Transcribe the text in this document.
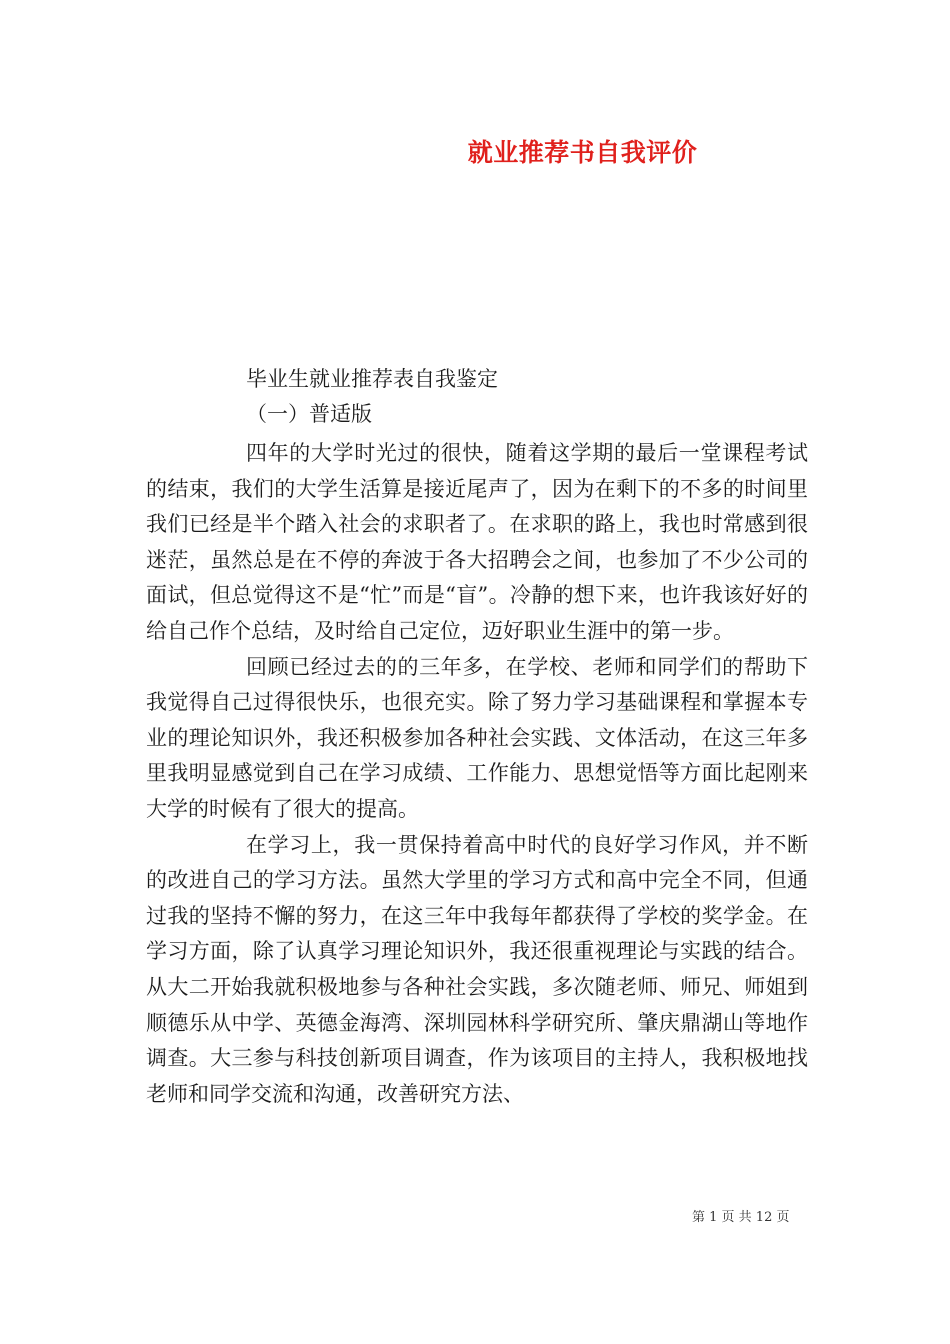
就业推荐书自我评价
毕业生就业推荐表自我鉴定
（一）普适版

四年的大学时光过的很快，随着这学期的最后一堂课程考试的结束，我们的大学生活算是接近尾声了，因为在剩下的不多的时间里我们已经是半个踏入社会的求职者了。在求职的路上，我也时常感到很迷茫，虽然总是在不停的奔波于各大招聘会之间，也参加了不少公司的面试，但总觉得这不是“忙”而是“盲”。冷静的想下来，也许我该好好的给自己作个总结，及时给自己定位，迈好职业生涯中的第一步。

回顾已经过去的的三年多，在学校、老师和同学们的帮助下我觉得自己过得很快乐，也很充实。除了努力学习基础课程和掌握本专业的理论知识外，我还积极参加各种社会实践、文体活动，在这三年多里我明显感觉到自己在学习成绩、工作能力、思想觉悟等方面比起刚来大学的时候有了很大的提高。

在学习上，我一贯保持着高中时代的良好学习作风，并不断的改进自己的学习方法。虽然大学里的学习方式和高中完全不同，但通过我的坚持不懈的努力，在这三年中我每年都获得了学校的奖学金。在学习方面，除了认真学习理论知识外，我还很重视理论与实践的结合。从大二开始我就积极地参与各种社会实践，多次随老师、师兄、师姐到顺德乐从中学、英德金海湾、深圳园林科学研究所、肇庆鼎湖山等地作调查。大三参与科技创新项目调查，作为该项目的主持人，我积极地找老师和同学交流和沟通，改善研究方法、

第 1 页 共 12 页
